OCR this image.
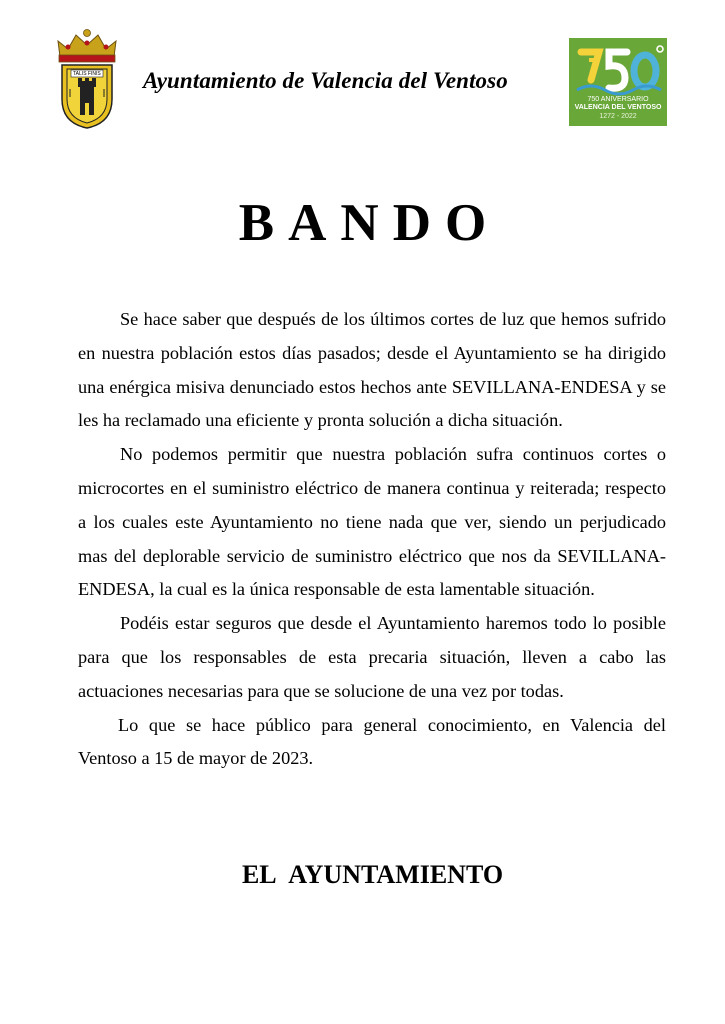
TALIS FINIS Ayuntamiento de Valencia del Ventoso
750 ANIVERSARIO
VALENCIA DEL VENTOSO
1272 - 2022
BANDO

Se hace saber que después de los últimos cortes de luz que hemos sufrido en nuestra población estos días pasados; desde el Ayuntamiento se ha dirigido una enérgica misiva denunciado estos hechos ante SEVILLANA-ENDESA y se les ha reclamado una eficiente y pronta solución a dicha situación.

No podemos permitir que nuestra población sufra continuos cortes o microcortes en el suministro eléctrico de manera continua y reiterada; respecto a los cuales este Ayuntamiento no tiene nada que ver, siendo un perjudicado mas del deplorable servicio de suministro eléctrico que nos da SEVILLANA-ENDESA, la cual es la única responsable de esta lamentable situación.

Podéis estar seguros que desde el Ayuntamiento haremos todo lo posible para que los responsables de esta precaria situación, lleven a cabo las actuaciones necesarias para que se solucione de una vez por todas.

Lo que se hace público para general conocimiento, en Valencia del Ventoso a 15 de mayor de 2023.

EL AYUNTAMIENTO
